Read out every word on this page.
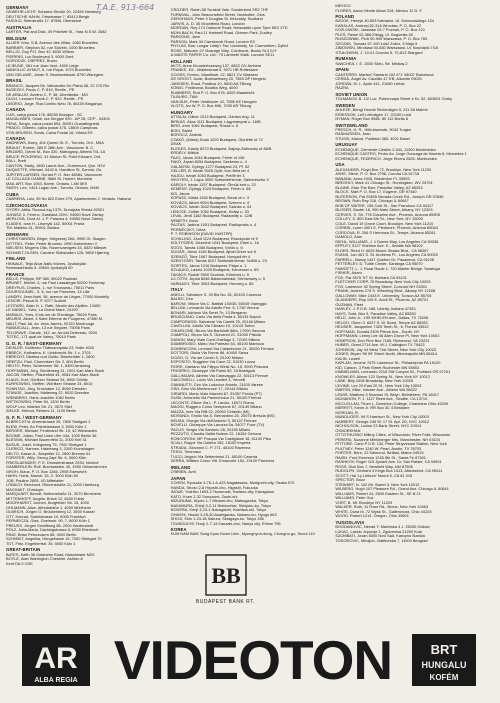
T.A.E. 913-664
GERMANY
GEWEHR-LICHT, Schweiz-Straße 20, 22455 Hamburg
DEUTSCHE HAHN, Ortsstrasse 7, 83413 Bergb.
FASOLD, Steinstraße 17, 87561 Oberstdorf
AUSTRALIA
LARTER, Pat and Dick, 49 Pritchett St., Yass N.S.W. 2582
BELGIUM
ALLIER Yves, S.B. Avenue des Villas, 1060 Bruxelles
BARBIER, Stephan 52, rue Sülvéin, 1000 Bruxelles
BELLIO, Guy P.O. Box 42, 6030 Wilbon
FIERENS, Luc Boulevard 3, 9000 Gent
GORODZK, DIEPREZ, Bruno
LEJEUNE, 361 rue Jean Vent, 4000 Liège
NANKILLIC AYMUT, 5, rue Royal, 1070 Bruxelles
VAN GELUWE, Johan S. Broekartstraat, 8790 Waregem
BRASIL
BRANCO, Jacques Mr. Valmarotto Do Patria 58, 22 270 Rio
BUSEZKY, Paulo C. P. 819, Recife - PE
DE ARAUJO, Avelino C. P. 38, Uberlândia - MG
DUCH, Leonard Frank C. P. 922, Recife - PE
LIBÓRIO, Jorge, Rua Coelho Neto 78, 86100 Bragança
CANADA
LUIS, caixa postal 176, 88330 Brusque - SC
MAGALHÃES, Odair, rua Sergipe 920 - AP 26, CEP - 04303
PENA, Sergio, caixa postal 894, 80001 Guaratinguetá
PRADO, Gilberto, caixa postal 475, 13600 Campinas
VON BRUSEN, Sonia, Caixa Postal 16, Vitória ES
CANADA
ANDREWS, Barry, 404 Queen St. E., Toronto, Ont., M5A
BRAULT, Robert, 285 E 28th Ave., Vancouver B. C.
BRIZARD, Derek M., Box 320, Mahogany, Alberta T0L 1A
BRUCE PICKERING, 41 Marion St. Point Edward, Ont.
BULL, Brett
CANTON, Marty, 1650 Laurie Ave., Outremont, Que. H2V
DUQUETTE, Michael, 5442 A. Hamilton St, Sonnia, On.
JUPITER-LARSEN, Gerald P. O. Box 46584, Vancouver
LE COLLAGE DAMNÉ, 3660 St. Hubert, Montréal
MAIL ART, Box 1053, Barrie, Ontario, L4M 5E9
SMITH, Lee, 1424 Logan Ave., Toronto, Ontario, M4M
CUBA
CABRERA, Luis, 59 No 822 Entre 279, Apartamento 2, Vedado, Habana
CZECHOSLOVAKIA
GYÖRY, Attila, Ruzova lúg 1370, Dunajská Streda 92901
JUHASZ, Il. Ferenc, Gardlaká 20/VI, 94060 Nové Zámky
MERLOVA, Dora Al. J. P. Palacka 4, 94050 Nové Zámky
KLADEK, Ivan H., Litomyšl 142, 50001 Praha
TM: Mallebo 41, 90901 Skalica
DENMARK
CHRISTIANSEN, Birger, Helgesvej 26A, 9990 Gl. Skagen
DITTFIEL, Peter, Peder Bruunsv. 1990 København V
NIELSEN, Mogens Otto, Rosenvaengets 43, 8320 Mårslet
SCHMIDT-OLSEN, Caroline Skibshallen 126, 9800 Hjørring
FINLAND
HINNALE, Teija Alvar Aalto Munes, Jyväskylän
Seminaarinkatu 5, 40600 Jyväskylä 60
FRANCE
BELLE, Philippe, BP 380, 59022 Roubaix
BRUNET, Michel, 4, rue Paul Lassalegal 92200 Fontenay
DREYFUS, Charles, 1, rue Trousseau, 75011 Paris
DOURSOUNIEL, S. 6, rue rue Planches, 13 Lille
LANDRY, Jean-Noël, 56, avenue de Lièges, 77000 Montelly
LENOIR, Pascal B. P. 6077 Audroit
LEOTARD, Alain H. L. Rath, Moulin des Alpilles, 13450
LE DANIEL, Yves, La Grand Mare, 24190
MARAUX, Yves, 8 bis rue de l'Ermitage, 78620 Paris
MEURIS, Albert, 4 Saint Etienne de Fougeres, 47380 M.
NAUT, Paul Jal. Av. Jean Jaurès, 92120 Montrouge
RABASCALL, Jean, 13 rue Séguier, 75006 Paris
TELGRAVE, Claude, 142, av. Arnold Deleveau, 9200
TOTEC, 171 quai de Valmy, 75010 Paris
G. D. R. / EAST-GERMANY
DEISLER, Guillermo Thälmannplatz 23, Halle 4020
EBBECK, Katharina, K. Liebknecht-Str. 1 c, 3703
EBRECHT, Martina und Guido, Bösebrüder 1, 2800
GREFZU, Paul, Chemnitzer Str. 2, 804 Berlin
HEUTO, Peter, Schlemmer Str. 1, 6300 Arnsberg
HOFFMANN, Jörg, Siedlerweg 31, 1901 Karl-Marx-Stadt
JACOB, Steffen, Pfauenfeld 44, 9054 Karl-Marx-Stadt
KLAUS, Kurt, Görlitzer Strasse 54, 8900 Görlitz
KURROWSKI, Steffen, Wörlitzer Strasse 24, 8010
SONNTAG, Jörg, Kroshaker 12, 8060 Dresden
STANGE, Joachim, Malteweg 22, 8020 Dresden
WIENBERG, Hans-Joachim 1062 Berlin
WITTKOWSKI, Peter 54, 1200 Berlin
WOLF Leo, Waldstr Str. 21, 3570 Sitzf
ZIELKE, Helmut, Reiners 11, 1100 Berlin
G. F. R. / WEST-GERMANY
ALBRECHT/d, Ahrenstrasse 25, 7800 Stuttgart 1
BLEW, Peter, An Paintelstrasse 3, 5000 Köln 1
BERGER, Michael, Ferdinand Str. 15, 42 Wiesbaden
BOOME, Julian, Paul Linke Ufer 44a, 1000 Berlin 36
BLESSIN, Michael Bauernfeld 11, 2000 Kiel 31
BUSUS, Josef, Kriegsweg 79, 7000 Stuttgart 1
CLERICO, Hannes, Halenweg 3, 2300 Kronshagen
DELTO, Kasse A., Abspeller 12, 2800 Bremen 61
FÖRSTER, Willy, Georg Zapf Str. 6, 5000 Köln
FRIESLAENDER, P. E. Drosslerstrasse 2934, Neuhof
GAMBERLEIN, Rolf, Buchwaldstr. 40, 4950 Gelsenkirchen
GROH, Klaus, P. O. Box 1286, 2905 Edewecht
HAHN, Horst, Maxstr. 15, 2. 3000 Köln 60
JOB, Pauline 2805, 4O Mittelalter
LÖBACH, Bernhard, Rinnenstraße 21, 2000 Hamburg
MACHAKT, Christoph
MARQUART, Berndt, Nelkenstraße 11, 3070 Bensheim
MITTENHOFF, Angela, Brück 12, 6400 Fulda
MOORHARDT, Jochen, Borgfelder Str. 15, 4000
OHLMANN, Alice, Alfredstraße 1, 4000 Mühlheim
OLBRICH, Jürgen O. Brückenberg 12, 3500 Kassel
OTT, Konrad, Sobelstrasse 10, 6000 Frankfurt
PERNEICZA, Gisa, Goelmstr. 90, 7, 8000 Köln 1
PREUSS, Jürgen Schriftweg 85, 2000 Harderstadt
PÖLZ, Jutta-Maria, Dachingstrasse 8, 6930 Eberbach
RING, Brian Petrusvaern 88, 4000 Berlin
SCHMIDT, Angelika, Hüngstrasse 15, 7000 Stuttgart 70
TOT, Fritz, Engelbertstr. 39, 5000 Köln 1
GREAT-BRITAIN
BATES, Keith 36 Goldrams Road, Manchester M20
BOYLE, Alan Warrington Cheshire, Ashton 8
Kent DA 0 OXE
CROZIER, Robin 58 Tunstall Vale, Sunderland SR2 7HF
FURNIVAL, John Beaconsfield Street, Newbottle, Glos.
GERGHADS, Peter 3 Douglas St, Kirkcaldy, Scotland
JARVIS, A. D. 30 Mountfield Road, London
MORGAN, Roy 174 Osborne Road, Newcastle upon Tyne NE2 2TD
MÜHLBACH, Paul 11 Hartwell Road, Gtxwen Park, Dudley
PARSONS, Jane
PARSON, Mark 34 Carrsbrook Road, London E3
PHYLAS, Burr Lungar Lletty'r Twr, Llanboidy, Nr. Carmarthen, Dyfed
ROSE, Malcolm 22 Vicarage Way, Colnbrook, Bucks SL3 0JY
A WASTE PAPER Co. Ltd.: 75 Lambeth Walk, London SE11
HOLLAND
AKTS, Anne Kloosterhuizweg 137, 6822 GV Arnhem
FRANKE, Ed., Ullakinstraat 6, 3071 HB Rotterdam
GOOSS, Ferenc, Mauritsstr. 22, 6821 CV Wasserz
DE GROOT, Joost, Boekweitweg 20, 7555 DP Hengelo
JANSSEN, Ruud, Postbus 10, 5000 AA Tilburg
KÖNIG, Ferdinand, Boutiks Weg, 4000
SUMMERS, Rod P. O. Box 876, 6200 Maastricht
TILBURG, TAM
VAN DIJK, Peter Veldhuizer 42, 7555 KE Hengelo
VLOTS, Ivo W. P. O. Box 696, 7000 AR Tilburg
HUNGARY
ATTALAI, Gábor 1013 Budapest, Gárdos ring. 11
BIRKÁS, Ákos 1111 Budapest, Lágymányosi u. 16/B
BIRÓ, Imre 1061 Budapest, Rózsa u. 8
BOKI, Bálint
BOROCZ, András
CZAKÓ, (Mária) Dodo 1020 Budapest, Gloriette út 72
DEAK
ELEKES, Károly 8070 Budapest, Bajcsy-Zsilinszky út 86/B
ERDÉLY, Miklós
FAJÓ, János 1044 Budapest, Fehér út 108
FAKÓ, Árpád 8054 Budapest, Szekeres u. 4
GALÁNTAI, György 1277 Budapest 23, Pf. 52
GELLÉR, B. István 9025 Győr, Kun Béla tér 4
HAJDU, István 1053 Budapest, Petőfi tér 3
HEGYESI, J. Lajos 3000 Székesfehérvár, Sárkeresztúr 3
KÁROLY, István 1157 Budapest, Ölmük kert u. 22
KEMÉNY, György 1024 Budapest, Fehér u. 86
KIS, János
KOPASZ, Márta 1165 Budapest, Bóvai út u. 3
KOVÁCS, Albert 9054 Budapest, Szerem u. 6
KOVÁCS, István 3042 Budapest, Szánko u. 61
LENCSE, Zoltán 1052 Budapest, Királyi u. 33
LEVAI, Jenő 1182 Budapest, Radziwitty u. 12/B
NEMETH, Ilona
PAJTAS, Jadrius 1051 Budapest, Radiópusta u. 4
PERNÉCZKY, Géza
P. T. ROBINSON (DAVID HUNTER)
SCHILLING, Zsolt 1124 Budapest, Ruszkpvári út 9
SOLTYSZEK, Dezsőné 1041 Budapest, Erkel u. 18
SOÓS, Tamás 1056 Budapest, Vörös u. 6
SUGÁR, János 1146 Budapest, Ajtósi Dürer sor 6
SZEMZŐ, Tibor 1067 Budapest, Hunyadi tér 4
SZENTJÓBY, Tamás 8107 Székesfehérvár, Szőllő u. 23
SZIRTES, János 1016 Budapest, Pálya u. 1
SZLAUKO, László 1025 Budapest, Kemecsei u. 69
TAKÁCS, Rudolf 3900 Szolnok, Kőmíves u. 5
UJ-TÓTH, Árpád 8046 Balatonalmádi, Vörösmarty u. 5
VARNAGY, Tibor 3053 Budapest, Herczeg u. 85
ITALY
ANELLI, Salvatore S. 39 Bis No. 81, 82100 Cosenza
BALBO, Ciro
BARONI, Vittore Via C. Battisti 130/30, 55049 Viareggio
BELLINI, Leonardo Via Adolfo Ferr. 6, 1730 Verona
BONARI, Adriano Via Seret 7b, 13 Bergamo
BRUSCIANO, Carlo Via della Posta 4, 80134 Napoli
CAMPORASSI, Salvatore Via Caretti 25, 20148 Milano
CAVELLINI, Adolfo Via Cibrario 10, 10143 Torino
CHIARLONE, Bruno Via Bartolotti 88/a, 17000 Savona
CIAMPOLI, Bruno Via S. Giovanni 21, 51000 Pistoia
DANON, Mary Viale Corsi Gaelago 3, 72100 Milano
DIAMBROSIO, Mario Via Palestro 54, 46100 Mantova
DOMENICONI, Leonard Via Calambrone 21, 30020 Ferrara
DOTTORI, Giulia Via Fiume 88, 40400 Siena
DOZIO, G. Via del Corsin 5, 20100 Milano
ESPOSITO, Ruggiero Via Cave 22, 51030 Lucca
FIORE, Gaetano Via Filippo Winkl No. 15, 9000 Pescara
FRIGERIO, Giuseppe Via Parini 50, 18 Bastigola
GALLINGANI, Alberto Via Caravaggio 22, 50113 Firenze
GIACOMELLI, Lucio Via Leontini 4, Vercelli
GIANNUTTI, Ciro Via Ludovico Ariosto, 21100 Varese
GINI, Gino Via Montecroce 17, 20144 Milano
GIRARDI, Mario Viale Mazzini 67, 51057 Porcia (PT)
GUIDI, Antonella Via Pantechnion 21, 50100 Firenze
LECONTE, Ettore Via L. P. Lancio, 18071 Roma
MAGGI, Ruggero Corso Sempione 67, 20149 Milano
MAZZA, Ines Via Rilli 22, 20050 Cinisello (MI)
MORANDI, Emilio Via S. Bernardino 25, 20075 Brescia (BS)
NEUSA, Giorgio Via dell'Antonio 3, 50122 Firenze
NOVELLI, Giuseppe Via Laruzza 5a, 34077 Foce (TV)
PACUS, Sergio Via Santorio 28, 20155 Milano
PEZZUTO, Claudia Salita Nolese 22, 16154 Genova
RONCORONI, MP Pasqua Via Castigliane 16, 51100 Pisa
SCALI, Ruppe Via Galiera 150, 18100 Imperia
STRADA, Giovanni C. P. 271, 48100 Ravenna
TESSI, Tommaso
TUCCI, Angelo Via Settembrini 21, 85100 Caserta
XERRA, William Corso Vitt. Emanuele 154, 29100 Piacenza
IRELAND
O'BRIEN, Avril
JAPAN
COHEN, Ryosuke 3-76-1 A-423 Nagatasuka, Moriguchi-city, Osaka 570
HANDA, Shozo 2-8 Hiyoshi-cho, Higashi, Fukuoka
INOUE, Yoshiko 1693-2 Tsurumaki, Hadano-city, Kanagawa
KATO, Koen 2-32 Sonozumi, Zushi-shi
MIZUNUMA, Kiyoto 1-7 Minami-cho, Matsugaoka, Tokyo
NAKAMURA, Shinji 3-2-11 Nishiochiai, Shinjuku-ku, Tokyo
NODERA, Kenji 3-23-1 Nakagaichi, Kashiwa-shi, Tokyo
OHASHI, Haruki 3-25-40 Asahigaoka, Nakano-ku, Hyogo 663
SHOJI, Shin 1-24-18 Sakura, Setagaya-ku, Tokyo 156
TSUBOUCHI, Teruji 2-7-14 Kanzaki-cho, Nanyo city, Ehime 795
KOREA
KUM NAM BAIK Sung Kyun Kwan Univ., Myungnyun-dong, Chongno-gu, Seoul 110
MEXICO
FLORES, Aaron Monte Alban 204, Mexico 12 D. F.
POLAND
BZDOK, Henryk 40-893 Katowice, Ul. Szenowskiego 124
KARALAS, Andrzej 52-316 Wrocław, P. O. Box 22
KOZLOWSKI, Jaroslaw 03-7 Poznań, P. O. Box 121
PLEŚ, Pawel 02-366 Elbląg, Ul. Bogumiła 49
RUSZOWIAK, Piotr 00-900 Warszawa, P. O. Box 765
SZOZAK, Tomasz 97-100 Łódź Zubrz, 3 Maja 5
ZIMOWSKI, Miroslaw 00-830 Warszawa, Ul. Nowolipki 7/16
STUŁOWSKI, J. 10-01 Gorzów 5, 70-813 Stargard
RUMANIA
SANCHEA, I. E. 2400 Sibiu, Str. Mediaş 2
SPAIN
CANTERRS, Marisol 'Santarin 102 6°1' 08007 Barcelona
CERDÁ, Ángel Av. Caudillo 47 5'B, Alicante 03001
JORDÁN, M. L. Apdo 441, 21080 Lérida
RAZRA
SOVIET UNION
TOLMANOV, B. 1/2 Loc. Poklonnaya Street 4 Kv. 52, 603001 Gorky
SWEDEN
AHLEZE, Bengt Hoovik Strömvägen 5, 211 56 Malmö
ERIKSSON, Leif Lolhvägen 17, 22100 Lund
NYMAN, Roger Box 9086, 80 112 Borås 8
SWITZERLAND
FRESCH, H. R., Hiltruhwende, 9043 Trogen
RASMUSSEN, Jean
STUSSI, Marcel, Postfach 365, 4021 Basel
URUGUAY
ECHENIQUE, Clemente Castillo 2.344, 11300 Montevideo
ECHENIQUE CASTRO, Pedro Av. Jorge Gonzaga de Haceta 8, Mercedes 1
ECHENIQUE, FEDERICO, Jorge Rivera 2625, Montevideo
USA
ALEXANDER, Floyd Box 72, Brooklyn, New York 11230
ASHE, Steve, P. O. Box 2798, Corona CA 91718
BANANA, Anna 1945, Bradenton FL 33505
BEEGHLY, Mark 41 Chicago St., Huntingdon, WV 25701
BLAINE, Elan The Barr, Paradise Valley, AZ 85253
BLOCK, Mart P. O. Box 17, Eugene, OR 97440
BUTERSON, Pat 20455 Nevada Creek Rd., Joseph OR 97846
BROWN, Ruth Ray 216, Chicago IL 60647
BOB OF WATER, 155 Cole St., San Francisco CA 94117
BLOSER, Buster 18, 990 Main Street, Albany, NY 12303
CERVES, S. Sh. 778 Claudine Ave., Phoenix, Arizona 85305
COLLEY, S. 800 East 6th St., New York, NY 10009
COLE, David 19 Grove Court, Brooklyn, New York 11210
CORBIN, Loren 4001 E. Piedmont, Phoenix, Arizona 85044
CORDOVA, R. 206 S Hermosa St., Tempe, Arizona 85281
DAMOLO, Alan
DIEHL, WILLIAMS, J. 1 Dunes Way, Los Angeles CA 90036
EPPLEY, 5127 Sheldon Ave. E., Seattle WA 98102
ELDER, Reed H. 6025 Mount Shasta Blvd., CA 96067
EVANS, Jan 461 S. St. Andrews Pl., Los Angeles CA 90020
FARRELL, Nancy 1447 Quebec Dr, Pasadena, CA 91106
FETTERLEY, D. Tuttle Center, Saratoga CA 95070
FAWCETT, L. J. Rural Route 1, 720 Mahler Bridge, Saratoga
FISHER, Adam
FOX, Pat 3575 '97' St. Barbara CA 93101
FLETCHER CORP, 76 Broadway, New York City 10003
FOX, Lawrence 30 Spring Street, Concord NH 03301
FRANK, Andrew 278 S. Wheeling Blvd., Albany NY 12208
GALLOWAY, Mike 1443 E. University, Tucson AZ 85705
GLANDERS, Roy 109 E. Anvil St., Phoenix, AZ 85701
GUZMAN, Fleet
HARLEY, J. P.O.B. 186, Liberty, Indiana 47353
HAYS, Todd, Box 9, Paradise Valley, AZ 85253
HELD, John Jr., 199 WHELEN ave., Dallas, TX 75206
HELGO, Glenn 3. 8027 S. W. Borst, Tempe AZ 85283
HEUSER, Jacqueline 7325 Tenth St., 6, Florida 33612
HOFFMAN, Donald 2409 Pierce Ave., South, NY
HOFFMANN, Lenny Lee 46 Allen Grove Pl, New York 10003
HOMPSON, Don Pine Box 7185, Richmond, VA 23221
HUBER, Grant 2714 Ave. W.J. Cottington TX 79423
JOHNSON, Jay 44 West 71st Street, New York City 10023
JONES, Bryan '96 99' Street North, Minneapolis MN 55414
KALIN, Lowell
KAPLAN, Jerome 7675 Lawrence St., Philadelphia PA 19120
KID, Carson, 3 Park Street Rochester MN 55902
KIMMELMAN, Leonardo 2218 SW Canyon Bl., Portland OR 97201
KNOWLES, Alison 122 Spring St., New York NY 10012
LANE, Billy 2408 Broadway, New York 10025
LEVINE, Lev 20 East 20 St., New York City 10003
MARTIN, Mike, Volcker Ave., Athens WA 98322
LEWIS, Matthew 3 Seaman St. Bklyn, Bethlehem, PA 18017
MCMAHON, P. J. 1127 Reed Ave., Seattle, CA 13710
MCCLELLAN, Thom L. Dominion College, Chambers Ohio 43209
MERRITT, Kevin Jr. RR Box 3C 4 Brisbane
MORGAN, R.
MUNDLIGER, 94 S Harrison St., New York City 10003
NARBERT, George 249 W. 17 St. Apt. 2D, NYC 10012
NICHOLSON, Louise 23 Bank Street, NYC 10014
OSNORKHAN
OTTOTHUSNO Millery Cities, of Wisconsin, River Falls, Wisconsin
PERERA, Suzanne Mintzberger Mrs. Manchester, NH 03104
PITTORE, Carlo P.O.B. 132, Peter Stuyvesant Station, New York
PULTNEY, Peter 1240 W. Pearl, Austin, TX 78703
PORTER, Bern, 22 Salmond, Belfast, Maine 04915
RAISH, Fred Emerson 1245 8th St., Santa Fe 87501
RASHKOV, Roger 115 Jyolarit Ave. Dr, San Rafael, CA 94901
ROSS, Dick Box 7, Newfield Way, NM 87505
RUDOLPH, Gerhard 4 Kings Box 1413, Abbotsford, CA 95411
SCOTT, Hal 'Ly Leiburn' Mount 5, CA 81 415
SPECTOR, Buzz
STEWART, N. 102 Mt. Sweet 3, New York 10012
WILBERG, Hugh 107 Pleasure Rd., Grand Ave. Chicago IL 60641
WILLIAMS, Robert 24, 2500 Eastern St., SE ill 21
WILLIAMS, Peter Gra.
VORT, B. Mt. Brooklyn NY 11229
WALKER, Ruth, 11 Ross Rd., Bronx, New York 10463
WHITE, Dona M. 72 Wysk St., Gallenwood, Ohio 44103
WOOD, Robert 1214, Oregon, Ohio 45601
YUGOSLAVIA
BOGDANOVIC, Nenad Y. Mačinska 4 J. 25250 Odžaci
LUKAC, Laszlo Jzporcje 1, Zgubemsa 21250 Kula
SZOMBATI, Jovan 5000 Novi Sad, Kanopta Stanića
TODOROVIC, Miroljub, Zlatiborska 7, 11000 Beograd
BB
BUDAPEST BANK RT.
AR
ALBA REGIA VIDEOTON	BRT
HUNGALU
KOFÉM
